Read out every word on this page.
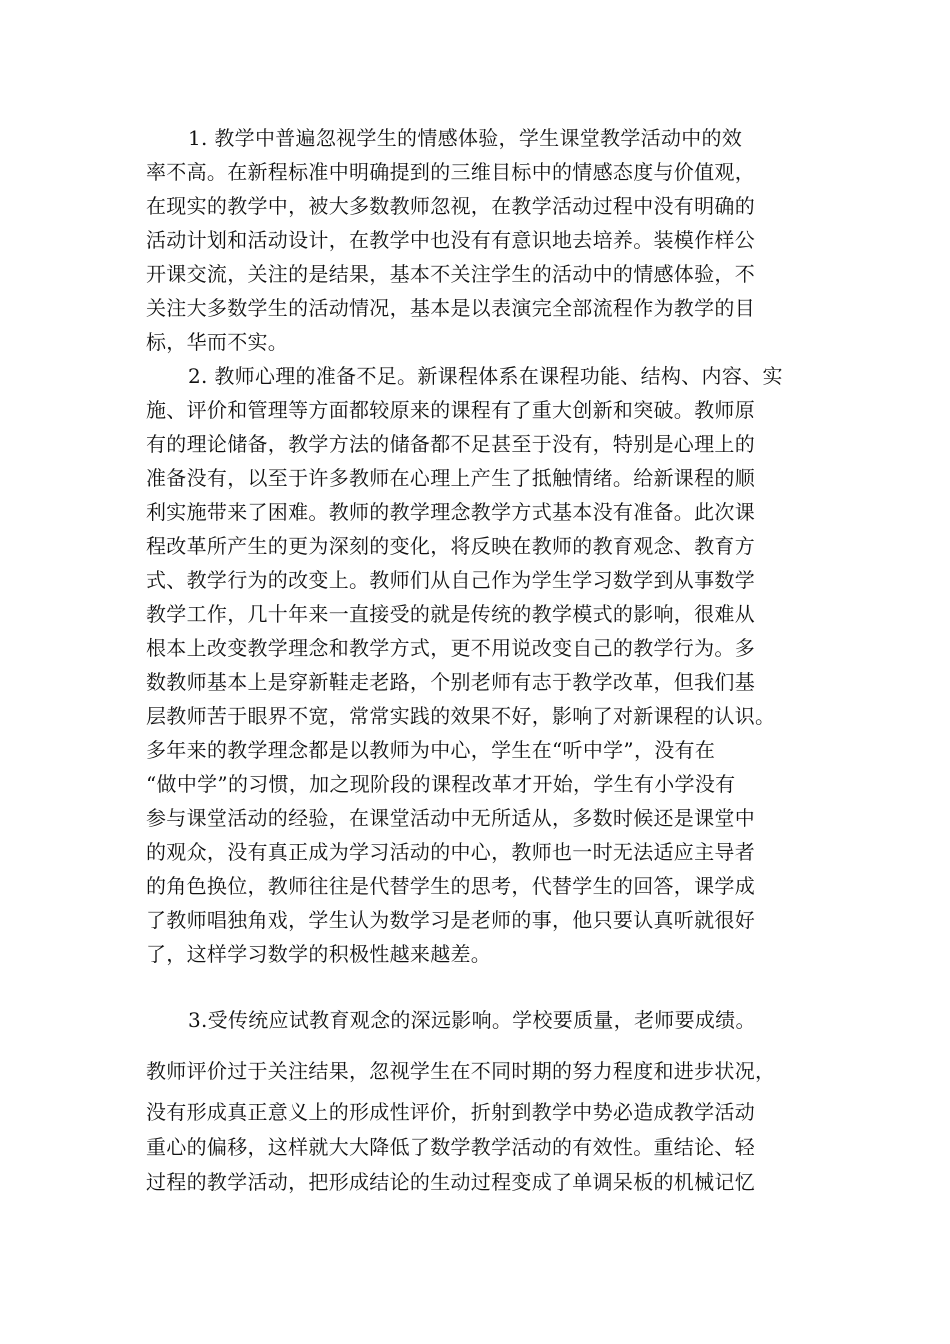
1. 教学中普遍忽视学生的情感体验，学生课堂教学活动中的效
率不高。在新程标准中明确提到的三维目标中的情感态度与价值观，
在现实的教学中，被大多数教师忽视，在教学活动过程中没有明确的
活动计划和活动设计，在教学中也没有有意识地去培养。装模作样公
开课交流，关注的是结果，基本不关注学生的活动中的情感体验，不
关注大多数学生的活动情况，基本是以表演完全部流程作为教学的目
标，华而不实。
2. 教师心理的准备不足。新课程体系在课程功能、结构、内容、实
施、评价和管理等方面都较原来的课程有了重大创新和突破。教师原
有的理论储备，教学方法的储备都不足甚至于没有，特别是心理上的
准备没有，以至于许多教师在心理上产生了抵触情绪。给新课程的顺
利实施带来了困难。教师的教学理念教学方式基本没有准备。此次课
程改革所产生的更为深刻的变化，将反映在教师的教育观念、教育方
式、教学行为的改变上。教师们从自己作为学生学习数学到从事数学
教学工作，几十年来一直接受的就是传统的教学模式的影响，很难从
根本上改变教学理念和教学方式，更不用说改变自己的教学行为。多
数教师基本上是穿新鞋走老路，个别老师有志于教学改革，但我们基
层教师苦于眼界不宽，常常实践的效果不好，影响了对新课程的认识。
多年来的教学理念都是以教师为中心，学生在“听中学”，没有在
“做中学”的习惯，加之现阶段的课程改革才开始，学生有小学没有
参与课堂活动的经验，在课堂活动中无所适从，多数时候还是课堂中
的观众，没有真正成为学习活动的中心，教师也一时无法适应主导者
的角色换位，教师往往是代替学生的思考，代替学生的回答，课学成
了教师唱独角戏，学生认为数学习是老师的事，他只要认真听就很好
了，这样学习数学的积极性越来越差。
3.受传统应试教育观念的深远影响。学校要质量，老师要成绩。
教师评价过于关注结果，忽视学生在不同时期的努力程度和进步状况，
没有形成真正意义上的形成性评价，折射到教学中势必造成教学活动
重心的偏移，这样就大大降低了数学教学活动的有效性。重结论、轻
过程的教学活动，把形成结论的生动过程变成了单调呆板的机械记忆
